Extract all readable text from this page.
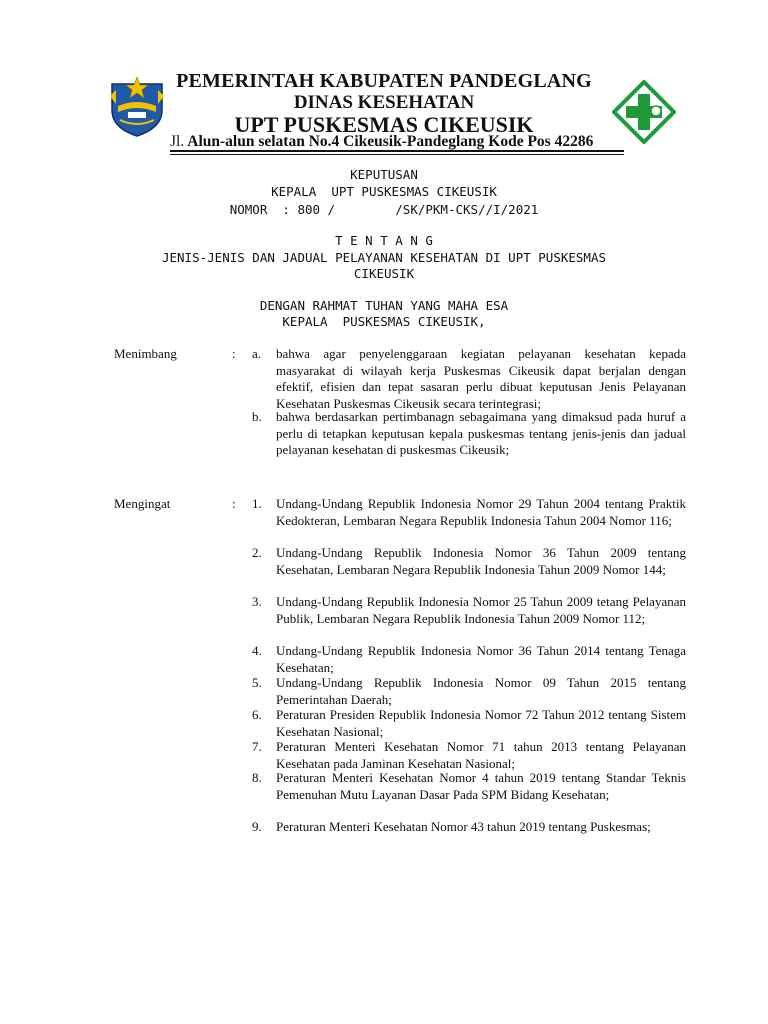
PEMERINTAH KABUPATEN PANDEGLANG
DINAS KESEHATAN
UPT PUSKESMAS CIKEUSIK
Jl. Alun-alun selatan No.4 Cikeusik-Pandeglang Kode Pos 42286
KEPUTUSAN
KEPALA  UPT PUSKESMAS CIKEUSIK
NOMOR  : 800 /        /SK/PKM-CKS//I/2021
T E N T A N G
JENIS-JENIS DAN JADUAL PELAYANAN KESEHATAN DI UPT PUSKESMAS
CIKEUSIK
DENGAN RAHMAT TUHAN YANG MAHA ESA
KEPALA  PUSKESMAS CIKEUSIK,
Menimbang	: a. bahwa agar penyelenggaraan kegiatan pelayanan kesehatan kepada masyarakat di wilayah kerja Puskesmas Cikeusik dapat berjalan dengan efektif, efisien dan tepat sasaran perlu dibuat keputusan Jenis Pelayanan Kesehatan Puskesmas Cikeusik secara terintegrasi;
b. bahwa berdasarkan pertimbanagn sebagaimana yang dimaksud pada huruf a perlu di tetapkan keputusan kepala puskesmas tentang jenis-jenis dan jadual pelayanan kesehatan di puskesmas Cikeusik;
Mengingat	: 1. Undang-Undang Republik Indonesia Nomor 29 Tahun 2004 tentang Praktik Kedokteran, Lembaran Negara Republik Indonesia Tahun 2004 Nomor 116;
2. Undang-Undang Republik Indonesia Nomor 36 Tahun 2009 tentang Kesehatan, Lembaran Negara Republik Indonesia Tahun 2009 Nomor 144;
3. Undang-Undang Republik Indonesia Nomor 25 Tahun 2009 tetang Pelayanan Publik, Lembaran Negara Republik Indonesia Tahun 2009 Nomor 112;
4. Undang-Undang Republik Indonesia Nomor 36 Tahun 2014 tentang Tenaga Kesehatan;
5. Undang-Undang Republik Indonesia Nomor 09 Tahun 2015 tentang Pemerintahan Daerah;
6. Peraturan Presiden Republik Indonesia Nomor 72 Tahun 2012 tentang Sistem Kesehatan Nasional;
7. Peraturan Menteri Kesehatan Nomor 71 tahun 2013 tentang Pelayanan Kesehatan pada Jaminan Kesehatan Nasional;
8. Peraturan Menteri Kesehatan Nomor 4 tahun 2019 tentang Standar Teknis Pemenuhan Mutu Layanan Dasar Pada SPM Bidang Kesehatan;
9. Peraturan Menteri Kesehatan Nomor 43 tahun 2019 tentang Puskesmas;
